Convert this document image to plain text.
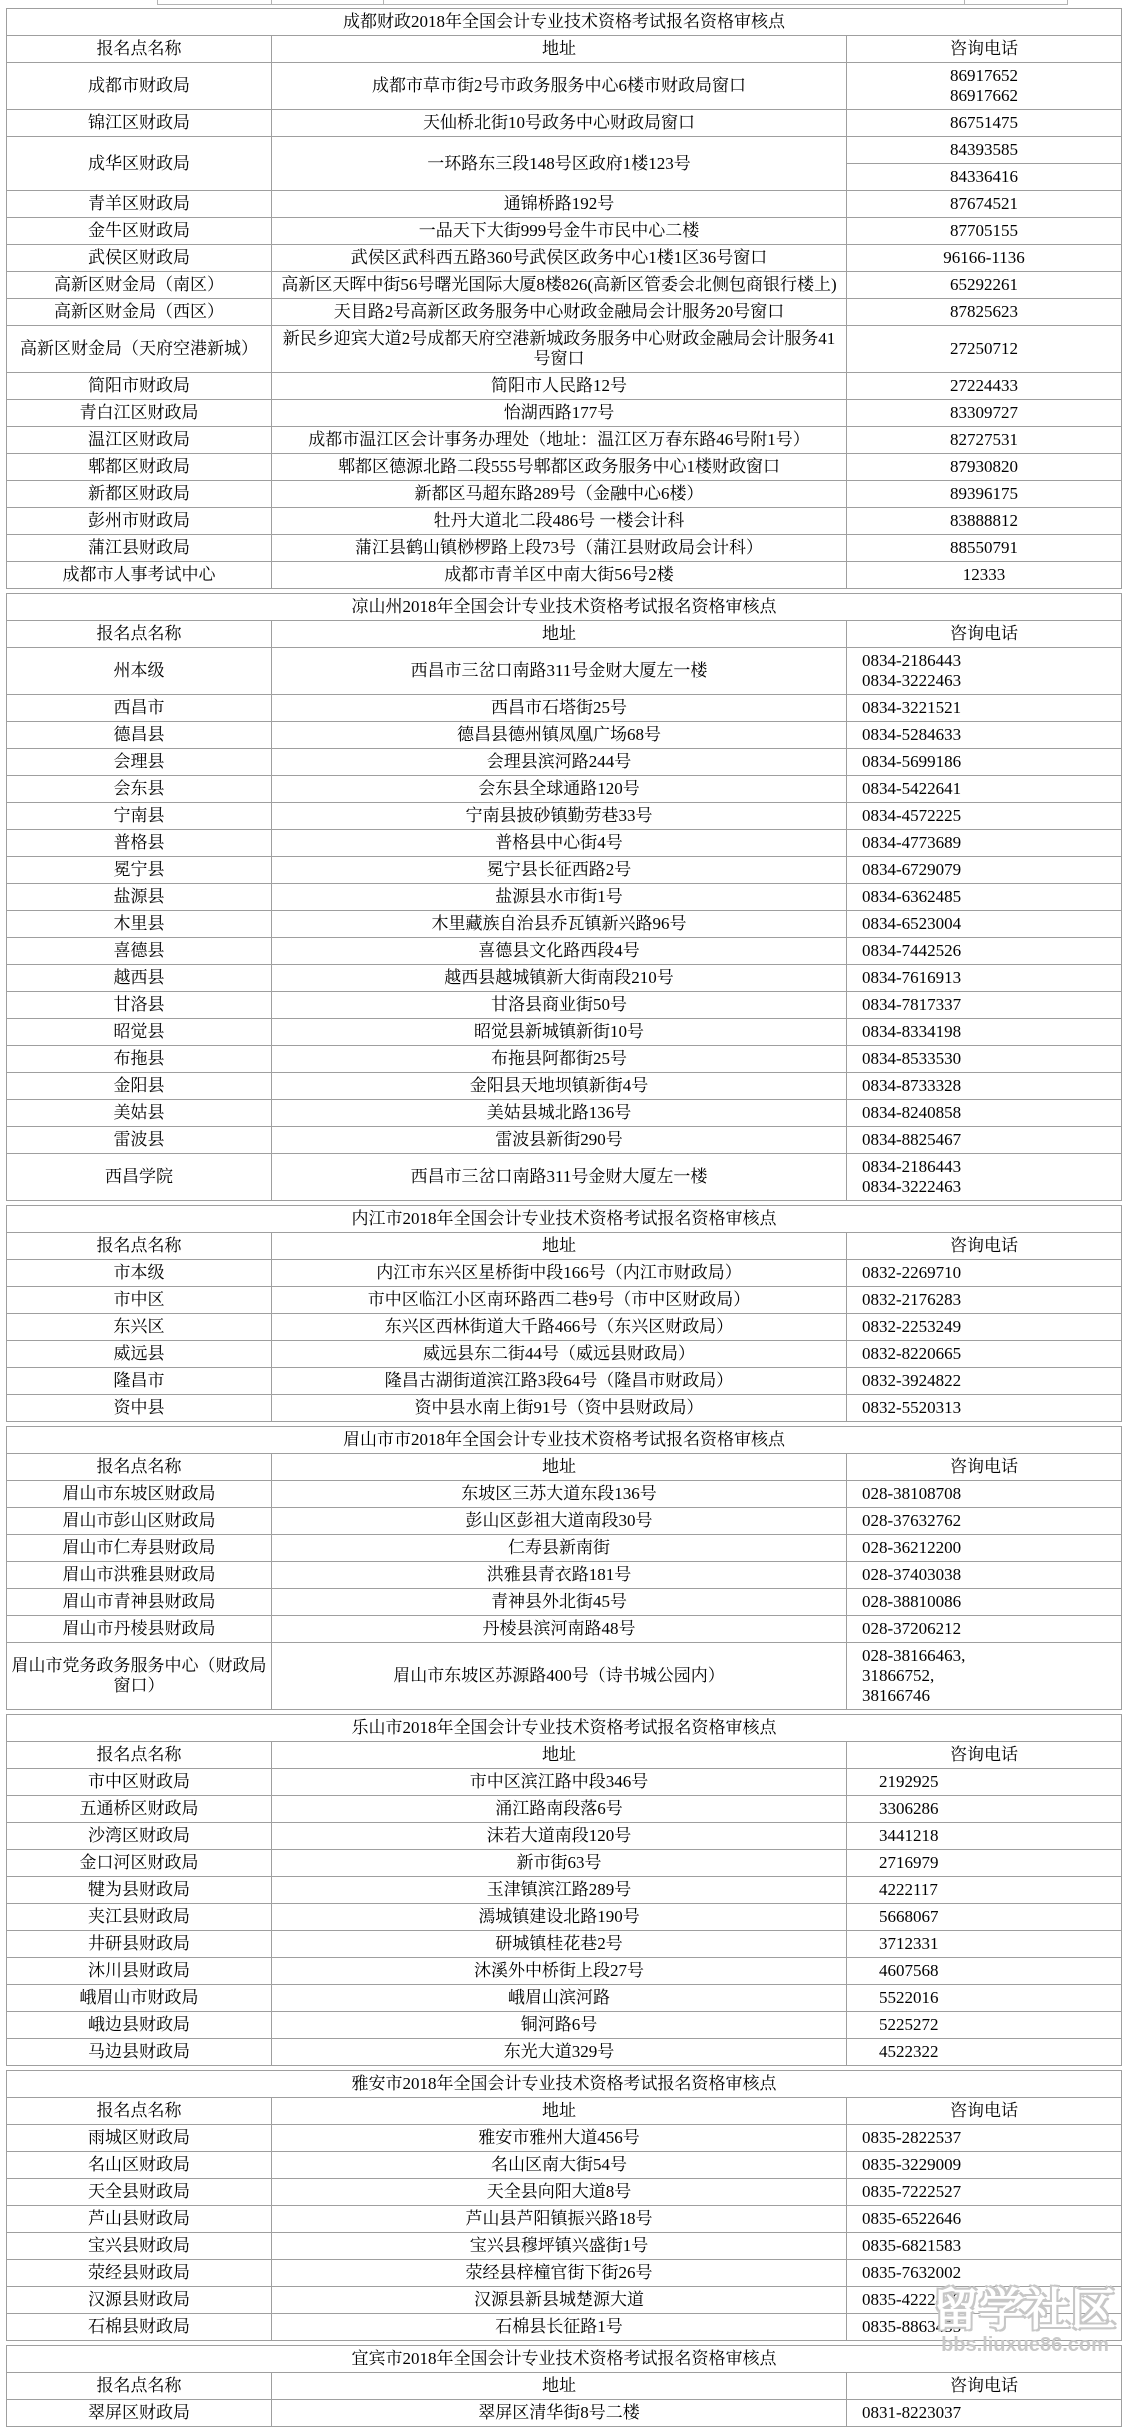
成都财政2018年全国会计专业技术资格考试报名资格审核点		
报名点名称	地址	咨询电话
成都市财政局	成都市草市街2号市政务服务中心6楼市财政局窗口	86917652
86917662

锦江区财政局	天仙桥北街10号政务中心财政局窗口	86751475

成华区财政局	一环路东三段148号区政府1楼123号	84393585

		84336416

青羊区财政局	通锦桥路192号	87674521

金牛区财政局	一品天下大街999号金牛市民中心二楼	87705155

武侯区财政局	武侯区武科西五路360号武侯区政务中心1楼1区36号窗口	96166-1136

高新区财金局（南区）	高新区天晖中街56号曙光国际大厦8楼826(高新区管委会北侧包商银行楼上)	65292261

高新区财金局（西区）	天目路2号高新区政务服务中心财政金融局会计服务20号窗口	87825623

高新区财金局（天府空港新城）	新民乡迎宾大道2号成都天府空港新城政务服务中心财政金融局会计服务41号窗口	27250712

简阳市财政局	简阳市人民路12号	27224433

青白江区财政局	怡湖西路177号	83309727

温江区财政局	成都市温江区会计事务办理处（地址：温江区万春东路46号附1号）	82727531

郫都区财政局	郫都区德源北路二段555号郫都区政务服务中心1楼财政窗口	87930820

新都区财政局	新都区马超东路289号（金融中心6楼）	89396175

彭州市财政局	牡丹大道北二段486号 一楼会计科	83888812

蒲江县财政局	蒲江县鹤山镇桫椤路上段73号（蒲江县财政局会计科）	88550791

成都市人事考试中心	成都市青羊区中南大街56号2楼	12333
凉山州2018年全国会计专业技术资格考试报名资格审核点		
报名点名称	地址	咨询电话
州本级	西昌市三岔口南路311号金财大厦左一楼	0834-2186443
0834-3222463

西昌市	西昌市石塔街25号	0834-3221521

德昌县	德昌县德州镇凤凰广场68号	0834-5284633

会理县	会理县滨河路244号	0834-5699186

会东县	会东县全球通路120号	0834-5422641

宁南县	宁南县披砂镇勤劳巷33号	0834-4572225

普格县	普格县中心街4号	0834-4773689

冕宁县	冕宁县长征西路2号	0834-6729079

盐源县	盐源县水市街1号	0834-6362485

木里县	木里藏族自治县乔瓦镇新兴路96号	0834-6523004

喜德县	喜德县文化路西段4号	0834-7442526

越西县	越西县越城镇新大街南段210号	0834-7616913

甘洛县	甘洛县商业街50号	0834-7817337

昭觉县	昭觉县新城镇新街10号	0834-8334198

布拖县	布拖县阿都街25号	0834-8533530

金阳县	金阳县天地坝镇新街4号	0834-8733328

美姑县	美姑县城北路136号	0834-8240858

雷波县	雷波县新街290号	0834-8825467

西昌学院	西昌市三岔口南路311号金财大厦左一楼	0834-2186443
0834-3222463
内江市2018年全国会计专业技术资格考试报名资格审核点		
报名点名称	地址	咨询电话
市本级	内江市东兴区星桥街中段166号（内江市财政局）	0832-2269710

市中区	市中区临江小区南环路西二巷9号（市中区财政局）	0832-2176283

东兴区	东兴区西林街道大千路466号（东兴区财政局）	0832-2253249

威远县	威远县东二街44号（威远县财政局）	0832-8220665

隆昌市	隆昌古湖街道滨江路3段64号（隆昌市财政局）	0832-3924822

资中县	资中县水南上街91号（资中县财政局）	0832-5520313
眉山市市2018年全国会计专业技术资格考试报名资格审核点		
报名点名称	地址	咨询电话
眉山市东坡区财政局	东坡区三苏大道东段136号	028-38108708

眉山市彭山区财政局	彭山区彭祖大道南段30号	028-37632762

眉山市仁寿县财政局	仁寿县新南街	028-36212200

眉山市洪雅县财政局	洪雅县青衣路181号	028-37403038

眉山市青神县财政局	青神县外北街45号	028-38810086

眉山市丹棱县财政局	丹棱县滨河南路48号	028-37206212

眉山市党务政务服务中心（财政局窗口）	眉山市东坡区苏源路400号（诗书城公园内）	028-38166463,
31866752,
38166746
乐山市2018年全国会计专业技术资格考试报名资格审核点		
报名点名称	地址	咨询电话
市中区财政局	市中区滨江路中段346号	2192925

五通桥区财政局	涌江路南段落6号	3306286

沙湾区财政局	沫若大道南段120号	3441218

金口河区财政局	新市街63号	2716979

犍为县财政局	玉津镇滨江路289号	4222117

夹江县财政局	漹城镇建设北路190号	5668067

井研县财政局	研城镇桂花巷2号	3712331

沐川县财政局	沐溪外中桥街上段27号	4607568

峨眉山市财政局	峨眉山滨河路	5522016

峨边县财政局	铜河路6号	5225272

马边县财政局	东光大道329号	4522322
雅安市2018年全国会计专业技术资格考试报名资格审核点		
报名点名称	地址	咨询电话
雨城区财政局	雅安市雅州大道456号	0835-2822537

名山区财政局	名山区南大街54号	0835-3229009

天全县财政局	天全县向阳大道8号	0835-7222527

芦山县财政局	芦山县芦阳镇振兴路18号	0835-6522646

宝兴县财政局	宝兴县穆坪镇兴盛街1号	0835-6821583

荥经县财政局	荥经县梓橦官街下街26号	0835-7632002

汉源县财政局	汉源县新县城楚源大道	0835-4222849

石棉县财政局	石棉县长征路1号	0835-8863435
宜宾市2018年全国会计专业技术资格考试报名资格审核点		
报名点名称	地址	咨询电话
翠屏区财政局	翠屏区清华街8号二楼	0831-8223037
留学社区
bbs.liuxue86.com
